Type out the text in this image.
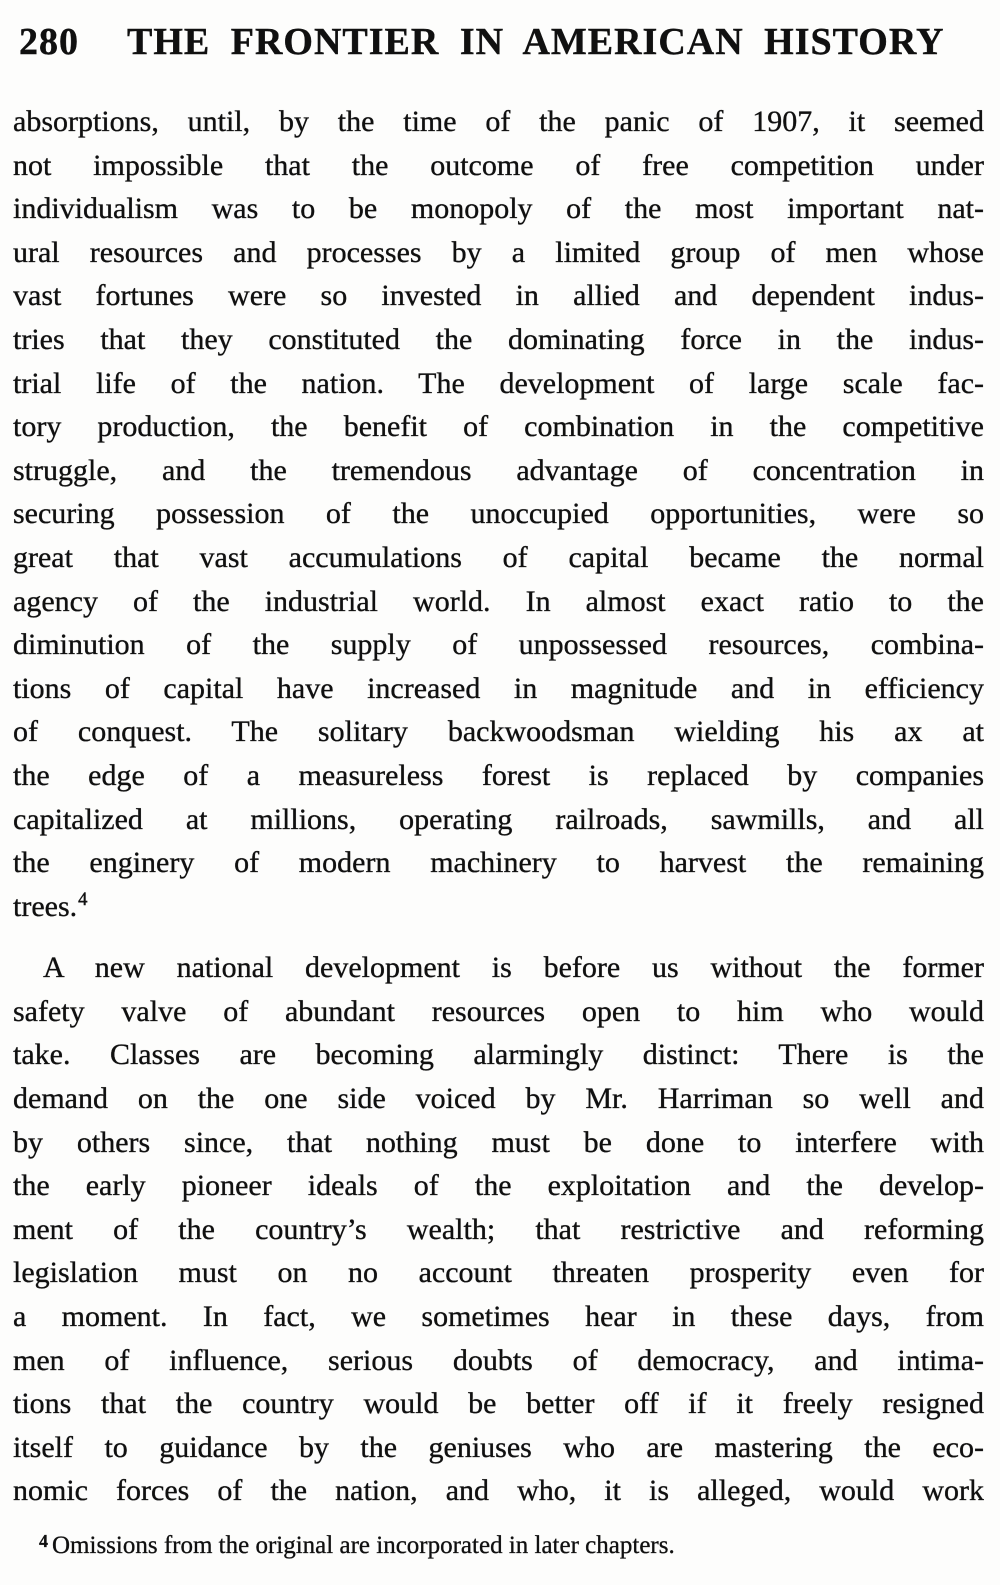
280 THE FRONTIER IN AMERICAN HISTORY
absorptions, until, by the time of the panic of 1907, it seemed
not impossible that the outcome of free competition under
individualism was to be monopoly of the most important nat-
ural resources and processes by a limited group of men whose
vast fortunes were so invested in allied and dependent indus-
tries that they constituted the dominating force in the indus-
trial life of the nation. The development of large scale fac-
tory production, the benefit of combination in the competitive
struggle, and the tremendous advantage of concentration in
securing possession of the unoccupied opportunities, were so
great that vast accumulations of capital became the normal
agency of the industrial world. In almost exact ratio to the
diminution of the supply of unpossessed resources, combina-
tions of capital have increased in magnitude and in efficiency
of conquest. The solitary backwoodsman wielding his ax at
the edge of a measureless forest is replaced by companies
capitalized at millions, operating railroads, sawmills, and all
the enginery of modern machinery to harvest the remaining
trees.$^4$
A new national development is before us without the former
safety valve of abundant resources open to him who would
take. Classes are becoming alarmingly distinct: There is the
demand on the one side voiced by Mr. Harriman so well and
by others since, that nothing must be done to interfere with
the early pioneer ideals of the exploitation and the develop-
ment of the country’s wealth; that restrictive and reforming
legislation must on no account threaten prosperity even for
a moment. In fact, we sometimes hear in these days, from
men of influence, serious doubts of democracy, and intima-
tions that the country would be better off if it freely resigned
itself to guidance by the geniuses who are mastering the eco-
nomic forces of the nation, and who, it is alleged, would work
$^4$ Omissions from the original are incorporated in later chapters.
